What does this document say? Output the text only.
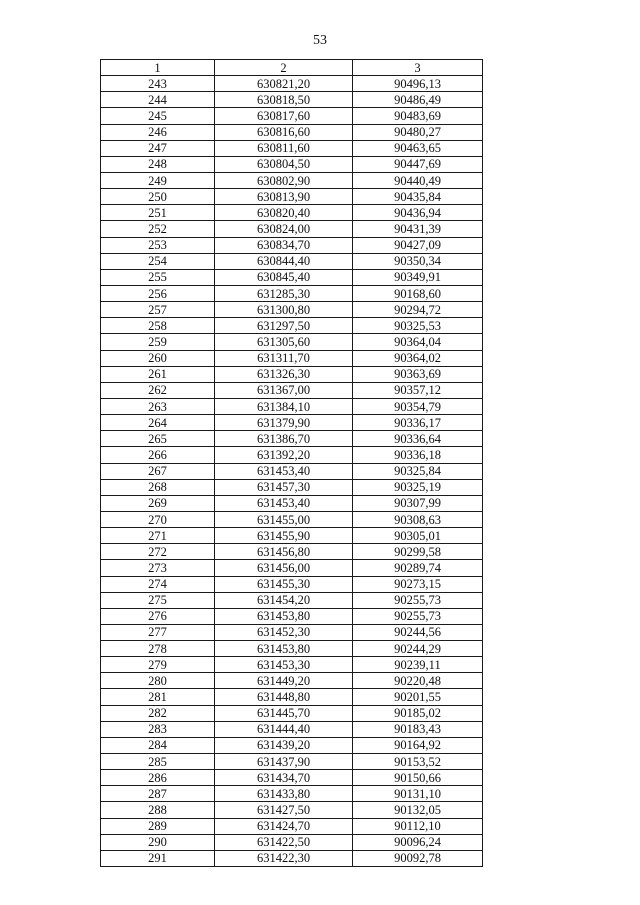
53
1	2	3
243	630821,20	90496,13
244	630818,50	90486,49
245	630817,60	90483,69
246	630816,60	90480,27
247	630811,60	90463,65
248	630804,50	90447,69
249	630802,90	90440,49
250	630813,90	90435,84
251	630820,40	90436,94
252	630824,00	90431,39
253	630834,70	90427,09
254	630844,40	90350,34
255	630845,40	90349,91
256	631285,30	90168,60
257	631300,80	90294,72
258	631297,50	90325,53
259	631305,60	90364,04
260	631311,70	90364,02
261	631326,30	90363,69
262	631367,00	90357,12
263	631384,10	90354,79
264	631379,90	90336,17
265	631386,70	90336,64
266	631392,20	90336,18
267	631453,40	90325,84
268	631457,30	90325,19
269	631453,40	90307,99
270	631455,00	90308,63
271	631455,90	90305,01
272	631456,80	90299,58
273	631456,00	90289,74
274	631455,30	90273,15
275	631454,20	90255,73
276	631453,80	90255,73
277	631452,30	90244,56
278	631453,80	90244,29
279	631453,30	90239,11
280	631449,20	90220,48
281	631448,80	90201,55
282	631445,70	90185,02
283	631444,40	90183,43
284	631439,20	90164,92
285	631437,90	90153,52
286	631434,70	90150,66
287	631433,80	90131,10
288	631427,50	90132,05
289	631424,70	90112,10
290	631422,50	90096,24
291	631422,30	90092,78
